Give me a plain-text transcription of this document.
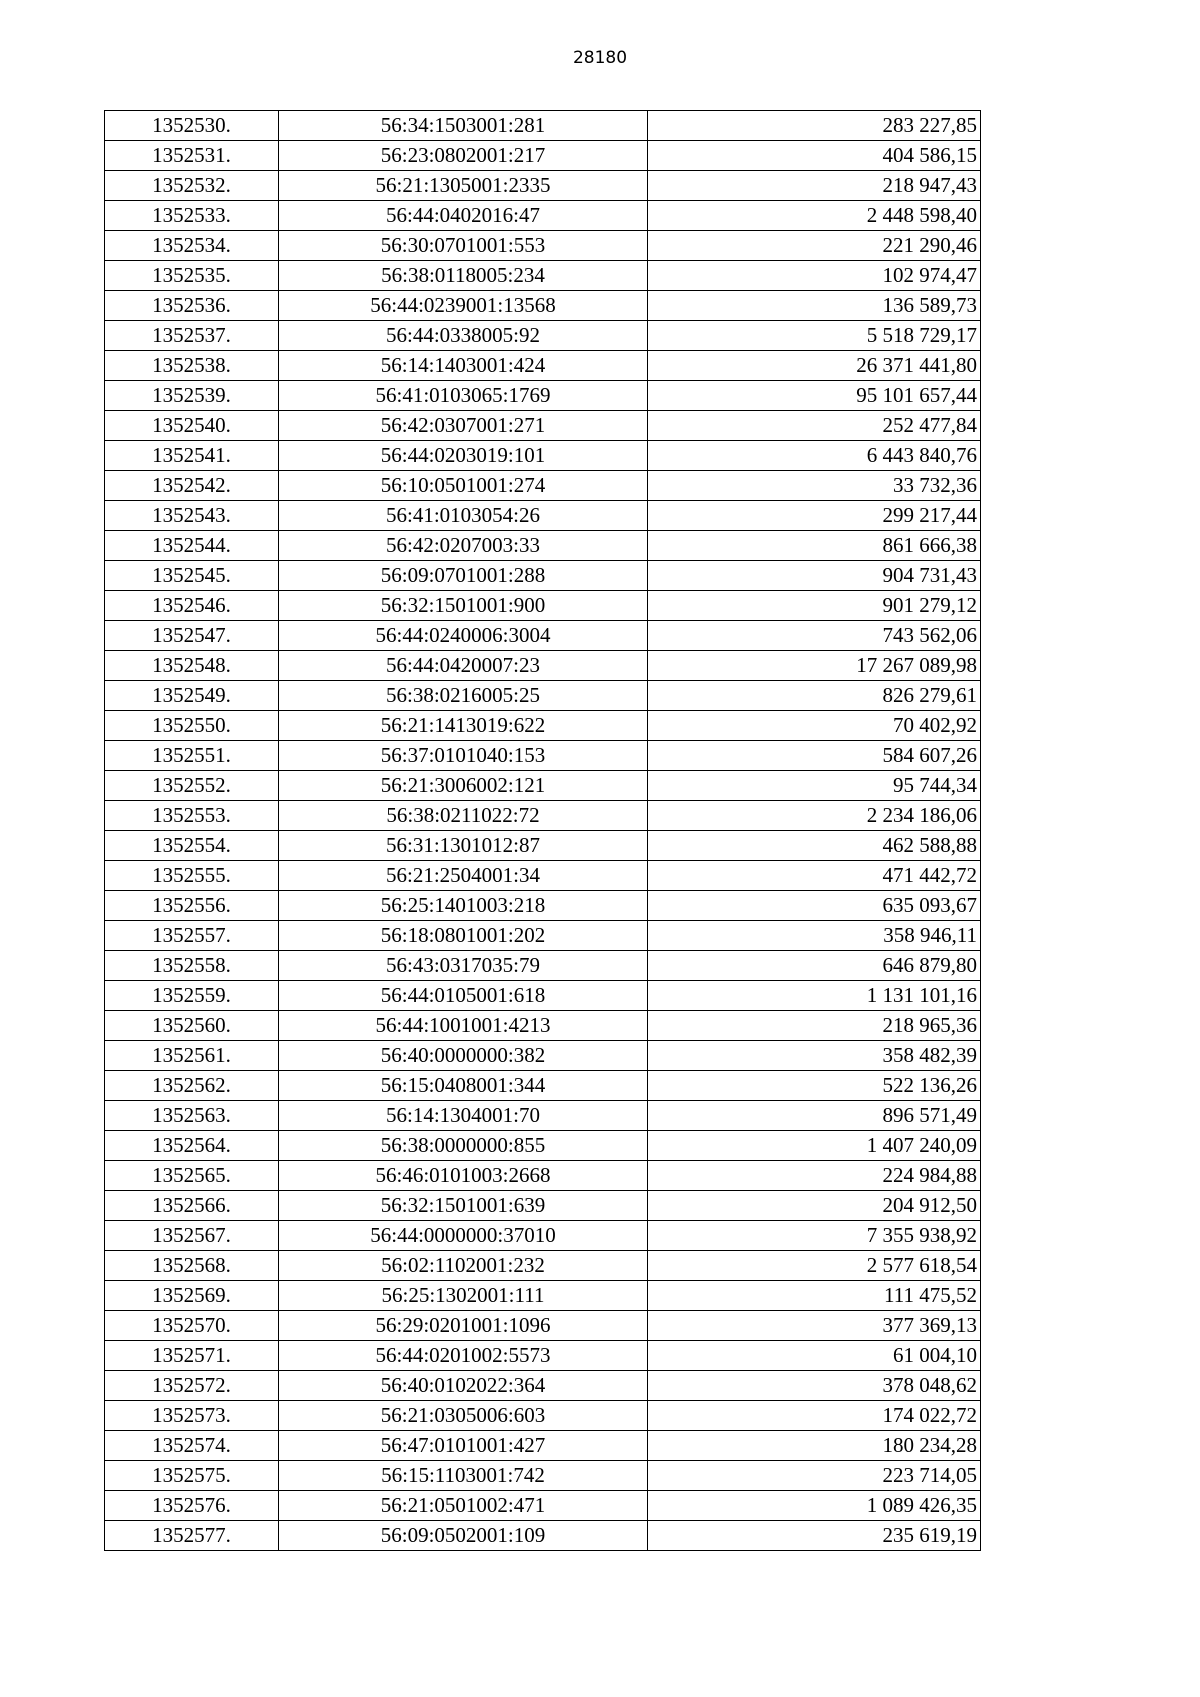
28180
1352530.	56:34:1503001:281	283 227,85
1352531.	56:23:0802001:217	404 586,15
1352532.	56:21:1305001:2335	218 947,43
1352533.	56:44:0402016:47	2 448 598,40
1352534.	56:30:0701001:553	221 290,46
1352535.	56:38:0118005:234	102 974,47
1352536.	56:44:0239001:13568	136 589,73
1352537.	56:44:0338005:92	5 518 729,17
1352538.	56:14:1403001:424	26 371 441,80
1352539.	56:41:0103065:1769	95 101 657,44
1352540.	56:42:0307001:271	252 477,84
1352541.	56:44:0203019:101	6 443 840,76
1352542.	56:10:0501001:274	33 732,36
1352543.	56:41:0103054:26	299 217,44
1352544.	56:42:0207003:33	861 666,38
1352545.	56:09:0701001:288	904 731,43
1352546.	56:32:1501001:900	901 279,12
1352547.	56:44:0240006:3004	743 562,06
1352548.	56:44:0420007:23	17 267 089,98
1352549.	56:38:0216005:25	826 279,61
1352550.	56:21:1413019:622	70 402,92
1352551.	56:37:0101040:153	584 607,26
1352552.	56:21:3006002:121	95 744,34
1352553.	56:38:0211022:72	2 234 186,06
1352554.	56:31:1301012:87	462 588,88
1352555.	56:21:2504001:34	471 442,72
1352556.	56:25:1401003:218	635 093,67
1352557.	56:18:0801001:202	358 946,11
1352558.	56:43:0317035:79	646 879,80
1352559.	56:44:0105001:618	1 131 101,16
1352560.	56:44:1001001:4213	218 965,36
1352561.	56:40:0000000:382	358 482,39
1352562.	56:15:0408001:344	522 136,26
1352563.	56:14:1304001:70	896 571,49
1352564.	56:38:0000000:855	1 407 240,09
1352565.	56:46:0101003:2668	224 984,88
1352566.	56:32:1501001:639	204 912,50
1352567.	56:44:0000000:37010	7 355 938,92
1352568.	56:02:1102001:232	2 577 618,54
1352569.	56:25:1302001:111	111 475,52
1352570.	56:29:0201001:1096	377 369,13
1352571.	56:44:0201002:5573	61 004,10
1352572.	56:40:0102022:364	378 048,62
1352573.	56:21:0305006:603	174 022,72
1352574.	56:47:0101001:427	180 234,28
1352575.	56:15:1103001:742	223 714,05
1352576.	56:21:0501002:471	1 089 426,35
1352577.	56:09:0502001:109	235 619,19
